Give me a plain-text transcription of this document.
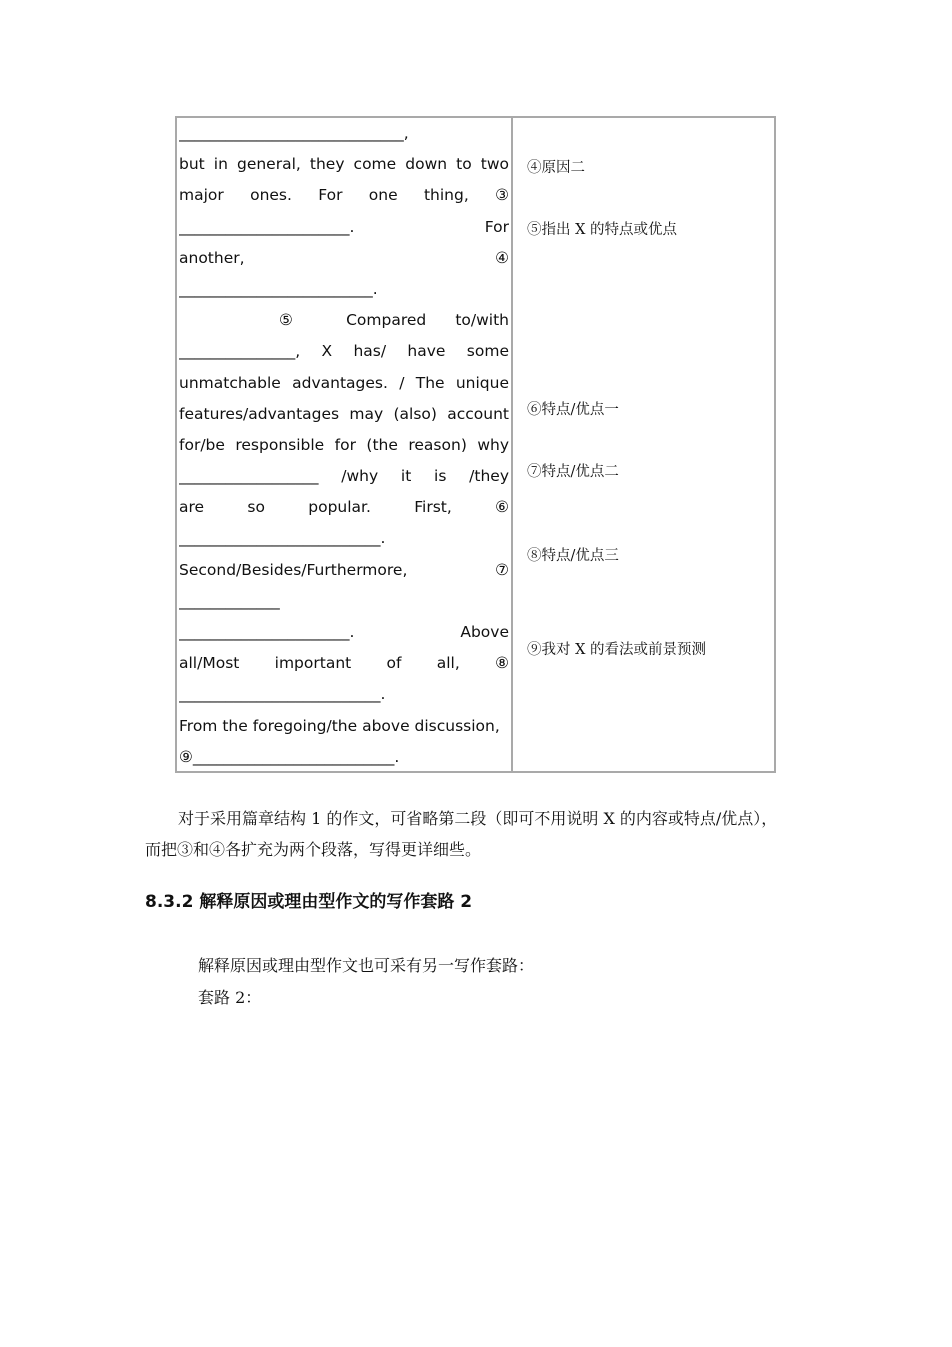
_____________________________,
but in general, they come down to two
major ones. For one thing, ③
______________________. For
another, ④
_________________________.
⑤ Compared to/with
_______________, X has/ have some
unmatchable advantages. / The unique
features/advantages may (also) account
for/be responsible for (the reason) why
__________________ /why it is /they
are so popular. First, ⑥
__________________________.
Second/Besides/Furthermore, ⑦
_____________
______________________. Above
all/Most important of all, ⑧
__________________________.
From the foregoing/the above discussion,
⑨__________________________.
④原因二
⑤指出 X 的特点或优点
⑥特点/优点一
⑦特点/优点二
⑧特点/优点三
⑨我对 X 的看法或前景预测
对于采用篇章结构 1 的作文，可省略第二段（即可不用说明 X 的内容或特点/优点），
而把③和④各扩充为两个段落，写得更详细些。
8.3.2 解释原因或理由型作文的写作套路 2
解释原因或理由型作文也可采有另一写作套路：
套路 2：
